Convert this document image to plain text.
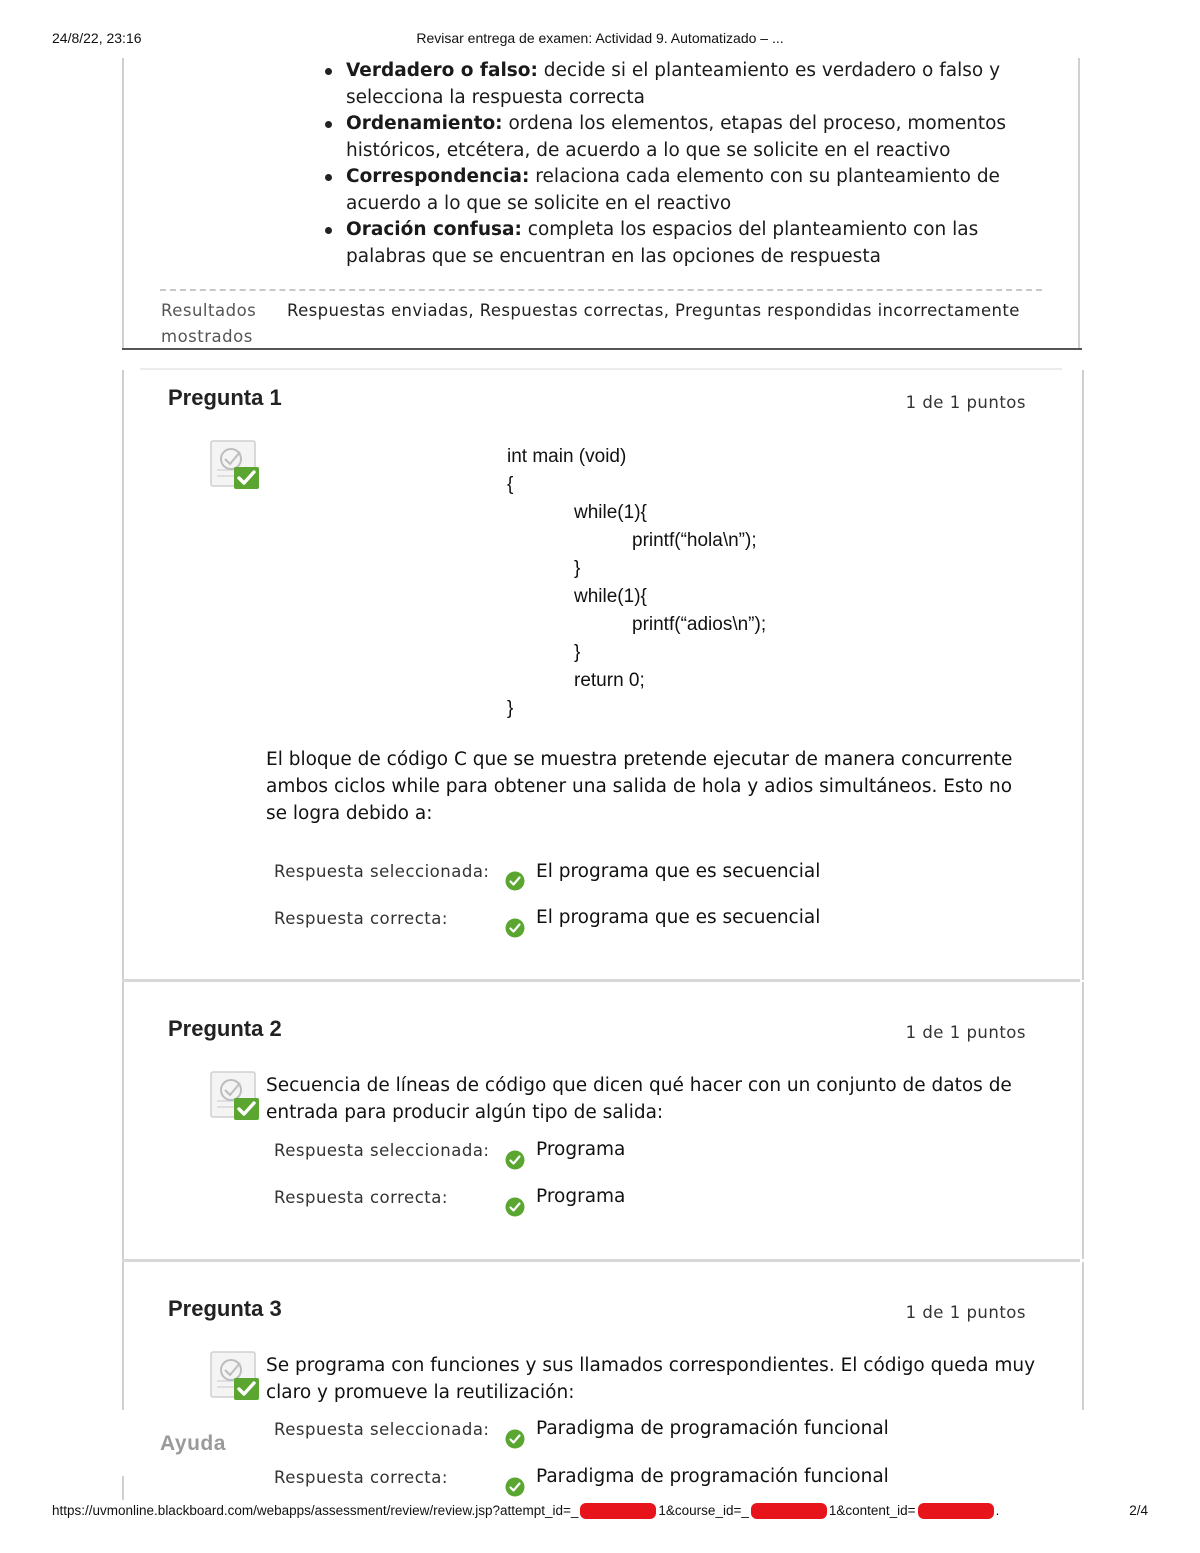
24/8/22, 23:16	Revisar entrega de examen: Actividad 9. Automatizado – ...
Verdadero o falso: decide si el planteamiento es verdadero o falso y selecciona la respuesta correcta
Ordenamiento: ordena los elementos, etapas del proceso, momentos históricos, etcétera, de acuerdo a lo que se solicite en el reactivo
Correspondencia: relaciona cada elemento con su planteamiento de acuerdo a lo que se solicite en el reactivo
Oración confusa: completa los espacios del planteamiento con las palabras que se encuentran en las opciones de respuesta
Resultados mostrados
Respuestas enviadas, Respuestas correctas, Preguntas respondidas incorrectamente
Pregunta 1	1 de 1 puntos
int main (void)
{
while(1){
printf(“hola\n”);
}
while(1){
printf(“adios\n”);
}
return 0;
}
El bloque de código C que se muestra pretende ejecutar de manera concurrente ambos ciclos while para obtener una salida de hola y adios simultáneos. Esto no se logra debido a:
Respuesta seleccionada:	El programa que es secuencial
Respuesta correcta:	El programa que es secuencial
Pregunta 2	1 de 1 puntos
Secuencia de líneas de código que dicen qué hacer con un conjunto de datos de entrada para producir algún tipo de salida:
Respuesta seleccionada:	Programa
Respuesta correcta:	Programa
Pregunta 3	1 de 1 puntos
Se programa con funciones y sus llamados correspondientes. El código queda muy claro y promueve la reutilización:
Respuesta seleccionada:	Paradigma de programación funcional
Respuesta correcta:	Paradigma de programación funcional
Ayuda
https://uvmonline.blackboard.com/webapps/assessment/review/review.jsp?attempt_id=_	1&course_id=_	1&content_id=	.	2/4
